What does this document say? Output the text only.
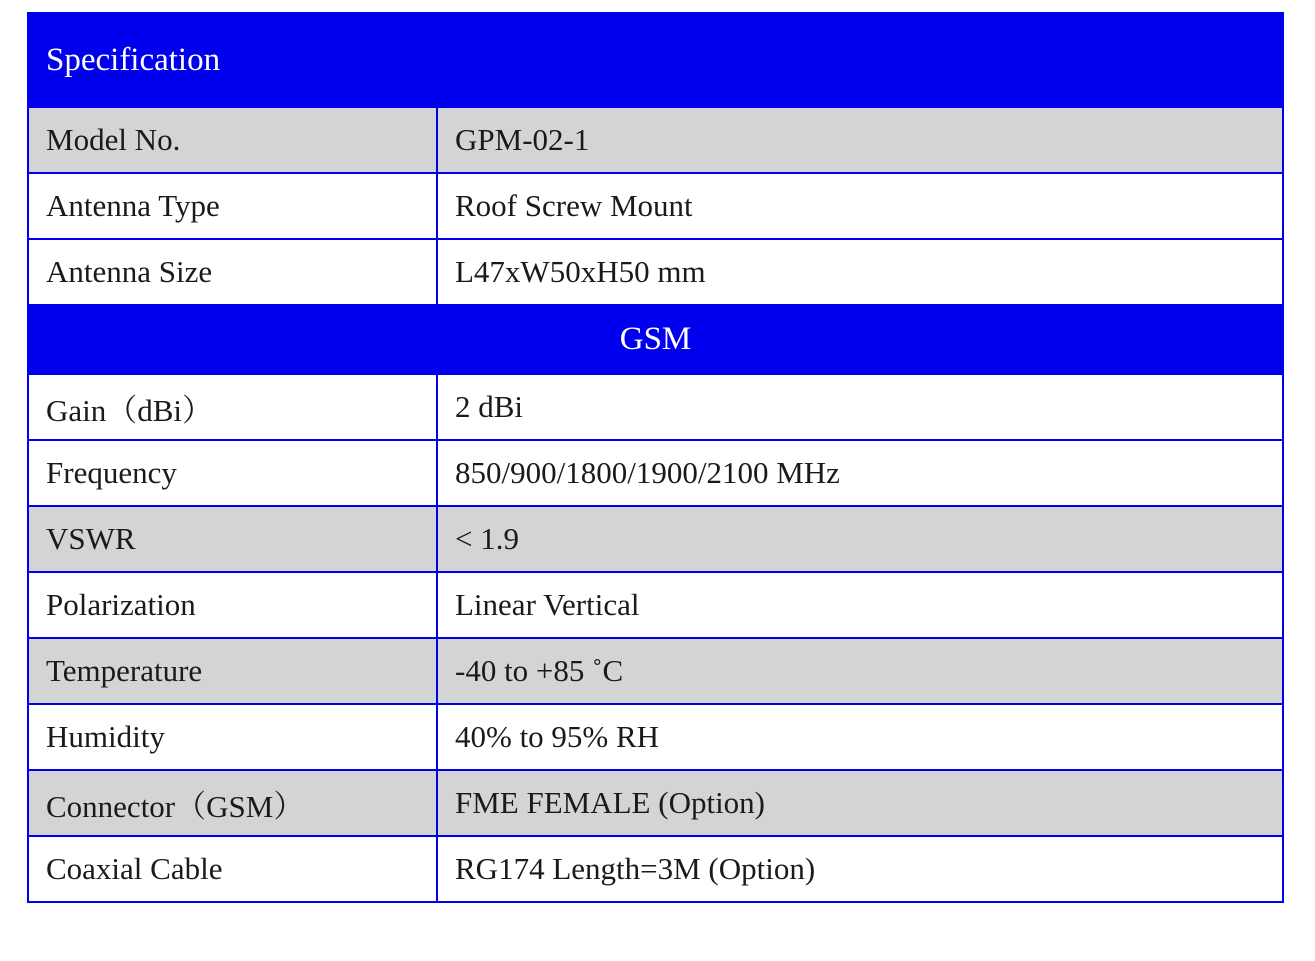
Specification	
Model No.	GPM-02-1
Antenna Type	Roof Screw Mount
Antenna Size	L47xW50xH50 mm
GSM	
Gain（dBi）	2 dBi
Frequency	850/900/1800/1900/2100 MHz
VSWR	< 1.9
Polarization	Linear Vertical
Temperature	-40 to +85 ˚C
Humidity	40% to 95% RH
Connector（GSM）	FME FEMALE (Option)
Coaxial Cable	RG174 Length=3M (Option)
